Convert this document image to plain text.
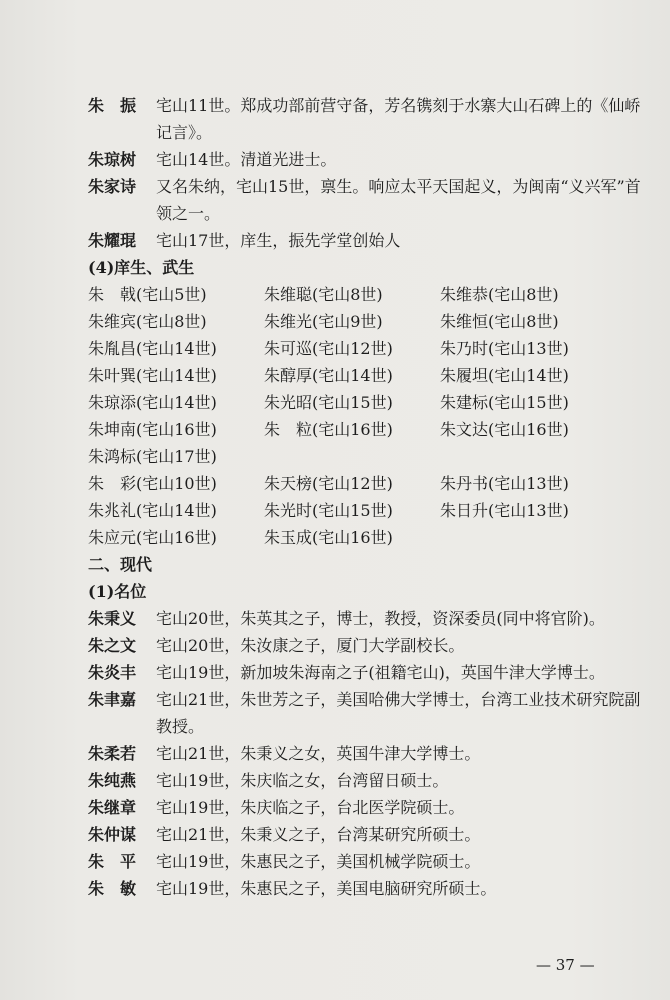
朱　振	宅山11世。郑成功部前营守备，芳名镌刻于水寨大山石碑上的《仙峤记言》。
朱琼树	宅山14世。清道光进士。
朱家诗	又名朱纳，宅山15世，禀生。响应太平天国起义，为闽南“义兴军”首领之一。
朱耀琨	宅山17世，庠生，振先学堂创始人
(4)庠生、武生
朱　戟(宅山5世)	朱维聪(宅山8世)	朱维恭(宅山8世)
朱维宾(宅山8世)	朱维光(宅山9世)	朱维恒(宅山8世)
朱胤昌(宅山14世)	朱可巡(宅山12世)	朱乃时(宅山13世)
朱叶巽(宅山14世)	朱醇厚(宅山14世)	朱履坦(宅山14世)
朱琼添(宅山14世)	朱光昭(宅山15世)	朱建标(宅山15世)
朱坤南(宅山16世)	朱　粒(宅山16世)	朱文达(宅山16世)
朱鸿标(宅山17世)
朱　彩(宅山10世)	朱天榜(宅山12世)	朱丹书(宅山13世)
朱兆礼(宅山14世)	朱光时(宅山15世)	朱日升(宅山13世)
朱应元(宅山16世)	朱玉成(宅山16世)
二、现代
(1)名位
朱秉义	宅山20世，朱英其之子，博士，教授，资深委员(同中将官阶)。
朱之文	宅山20世，朱汝康之子，厦门大学副校长。
朱炎丰	宅山19世，新加坡朱海南之子(祖籍宅山)，英国牛津大学博士。
朱聿嘉	宅山21世，朱世芳之子，美国哈佛大学博士，台湾工业技术研究院副教授。
朱柔若	宅山21世，朱秉义之女，英国牛津大学博士。
朱纯燕	宅山19世，朱庆临之女，台湾留日硕士。
朱继章	宅山19世，朱庆临之子，台北医学院硕士。
朱仲谋	宅山21世，朱秉义之子，台湾某研究所硕士。
朱　平	宅山19世，朱惠民之子，美国机械学院硕士。
朱　敏	宅山19世，朱惠民之子，美国电脑研究所硕士。
— 37 —
